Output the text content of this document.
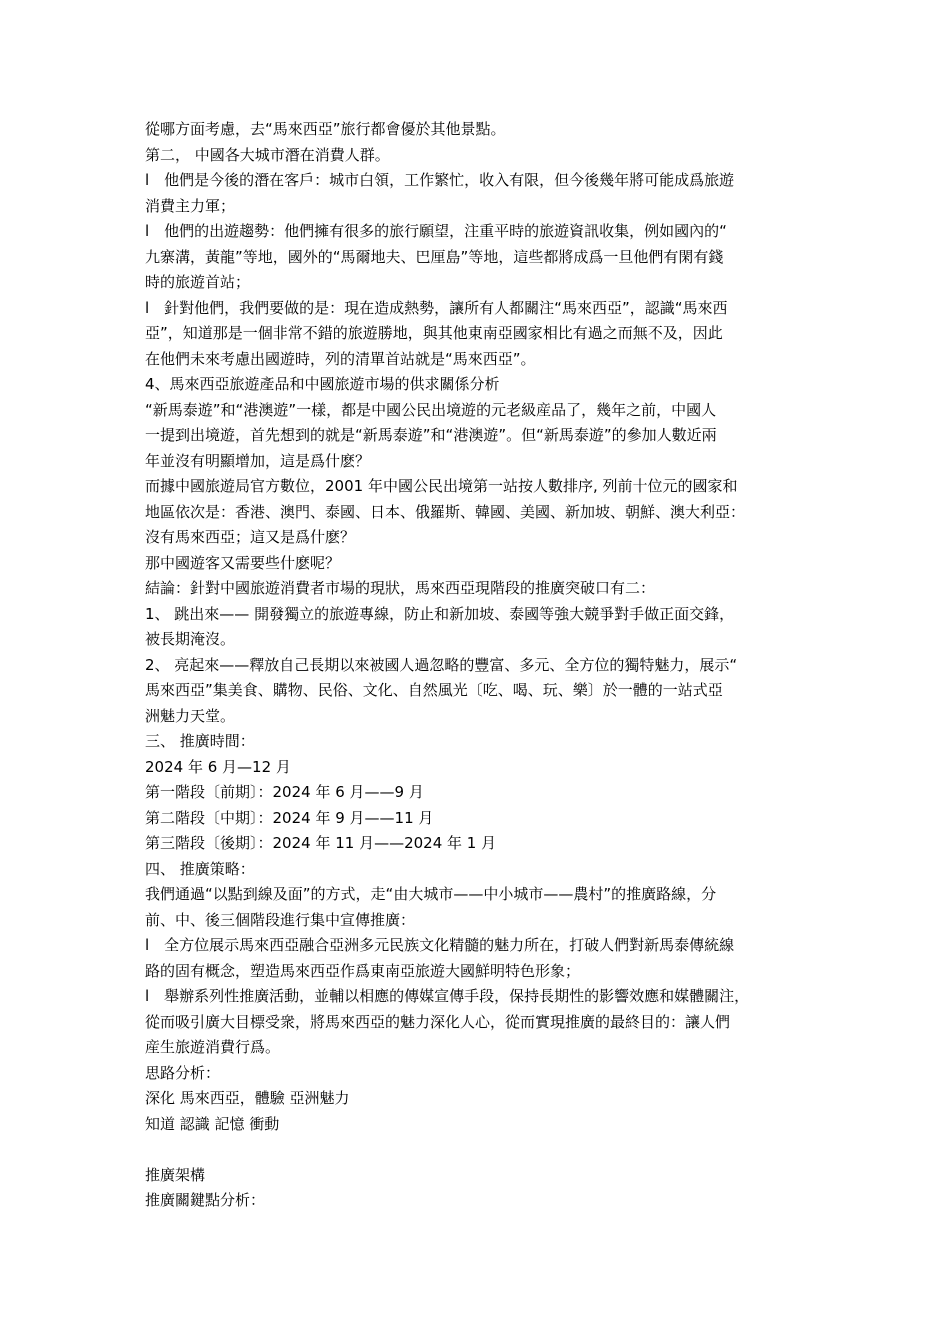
從哪方面考慮，去“馬來西亞”旅行都會優於其他景點。
第二， 中國各大城市潛在消費人群。
l　他們是今後的潛在客戶：城市白領，工作繁忙，收入有限，但今後幾年將可能成爲旅遊
消費主力軍；
l　他們的出遊趨勢：他們擁有很多的旅行願望，注重平時的旅遊資訊收集，例如國內的“
九寨溝，黃龍”等地，國外的“馬爾地夫、巴厘島”等地，這些都將成爲一旦他們有閑有錢
時的旅遊首站；
l　針對他們，我們要做的是：現在造成熱勢，讓所有人都關注“馬來西亞”，認識“馬來西
亞”，知道那是一個非常不錯的旅遊勝地，與其他東南亞國家相比有過之而無不及，因此
在他們未來考慮出國遊時，列的清單首站就是“馬來西亞”。
4、馬來西亞旅遊產品和中國旅遊市場的供求關係分析
“新馬泰遊”和“港澳遊”一樣，都是中國公民出境遊的元老級産品了，幾年之前，中國人
一提到出境遊，首先想到的就是“新馬泰遊”和“港澳遊”。但“新馬泰遊”的參加人數近兩
年並沒有明顯增加，這是爲什麽？
而據中國旅遊局官方數位，2001 年中國公民出境第一站按人數排序, 列前十位元的國家和
地區依次是：香港、澳門、泰國、日本、俄羅斯、韓國、美國、新加坡、朝鮮、澳大利亞：
沒有馬來西亞；這又是爲什麽？
那中國遊客又需要些什麽呢？
結論：針對中國旅遊消費者市場的現狀，馬來西亞現階段的推廣突破口有二：
1、 跳出來—— 開發獨立的旅遊專線，防止和新加坡、泰國等強大競爭對手做正面交鋒，
被長期淹沒。
2、 亮起來——釋放自己長期以來被國人過忽略的豐富、多元、全方位的獨特魅力，展示“
馬來西亞”集美食、購物、民俗、文化、自然風光〔吃、喝、玩、樂〕於一體的一站式亞
洲魅力天堂。
三、 推廣時間：
2024 年 6 月—12 月
第一階段〔前期〕：2024 年 6 月——9 月
第二階段〔中期〕：2024 年 9 月——11 月
第三階段〔後期〕：2024 年 11 月——2024 年 1 月
四、 推廣策略：
我們通過“以點到線及面”的方式，走“由大城市——中小城市——農村”的推廣路線，分
前、中、後三個階段進行集中宣傳推廣：
l　全方位展示馬來西亞融合亞洲多元民族文化精髓的魅力所在，打破人們對新馬泰傳統線
路的固有概念，塑造馬來西亞作爲東南亞旅遊大國鮮明特色形象；
l　舉辦系列性推廣活動，並輔以相應的傳媒宣傳手段，保持長期性的影響效應和媒體關注，
從而吸引廣大目標受衆，將馬來西亞的魅力深化人心，從而實現推廣的最終目的：讓人們
産生旅遊消費行爲。
思路分析：
深化 馬來西亞，體驗 亞洲魅力
知道 認識 記憶 衝動
推廣架構
推廣關鍵點分析：
